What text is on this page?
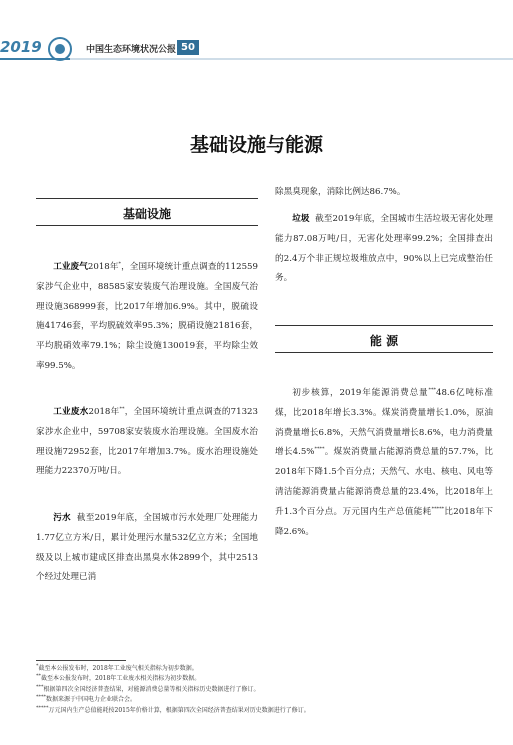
2019	中国生态环境状况公报 50
基础设施与能源
基础设施

工业废气2018年*，全国环境统计重点调查的112559家涉气企业中，88585家安装废气治理设施。全国废气治理设施368999套，比2017年增加6.9%。其中，脱硫设施41746套，平均脱硫效率95.3%；脱硝设施21816套，平均脱硝效率79.1%；除尘设施130019套，平均除尘效率99.5%。

工业废水2018年**，全国环境统计重点调查的71323家涉水企业中，59708家安装废水治理设施。全国废水治理设施72952套，比2017年增加3.7%。废水治理设施处理能力22370万吨/日。

污水 截至2019年底，全国城市污水处理厂处理能力1.77亿立方米/日，累计处理污水量532亿立方米；全国地级及以上城市建成区排查出黑臭水体2899个，其中2513个经过处理已消

除黑臭现象，消除比例达86.7%。

垃圾 截至2019年底，全国城市生活垃圾无害化处理能力87.08万吨/日，无害化处理率99.2%；全国排查出的2.4万个非正规垃圾堆放点中，90%以上已完成整治任务。

能 源

初步核算，2019年能源消费总量***48.6亿吨标准煤，比2018年增长3.3%。煤炭消费量增长1.0%，原油消费量增长6.8%，天然气消费量增长8.6%，电力消费量增长4.5%****。煤炭消费量占能源消费总量的57.7%，比2018年下降1.5个百分点；天然气、水电、核电、风电等清洁能源消费量占能源消费总量的23.4%，比2018年上升1.3个百分点。万元国内生产总值能耗*****比2018年下降2.6%。

*截至本公报发布时，2018年工业废气相关指标为初步数据。
**截至本公报发布时，2018年工业废水相关指标为初步数据。
***根据第四次全国经济普查结果，对能源消费总量等相关指标历史数据进行了修订。
****数据来源于中国电力企业联合会。
*****万元国内生产总值能耗按2015年价格计算，根据第四次全国经济普查结果对历史数据进行了修订。
